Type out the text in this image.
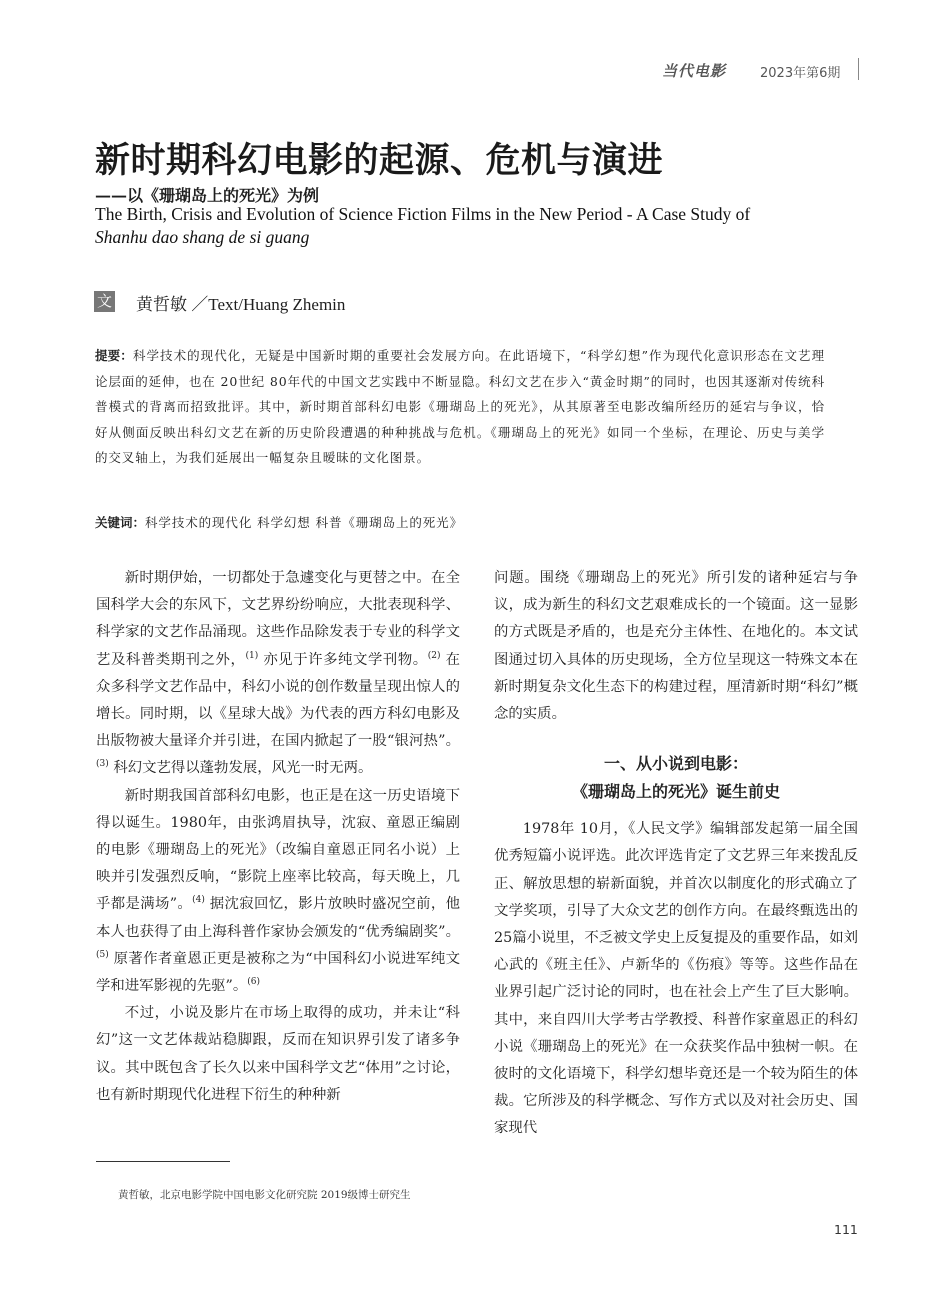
当代电影	2023年第6期
新时期科幻电影的起源、危机与演进
——以《珊瑚岛上的死光》为例
The Birth, Crisis and Evolution of Science Fiction Films in the New Period - A Case Study of
Shanhu dao shang de si guang
文 黄哲敏 ／Text/Huang Zhemin
提要：科学技术的现代化，无疑是中国新时期的重要社会发展方向。在此语境下，“科学幻想”作为现代化意识形态在文艺理论层面的延伸，也在 20世纪 80年代的中国文艺实践中不断显隐。科幻文艺在步入“黄金时期”的同时，也因其逐渐对传统科普模式的背离而招致批评。其中，新时期首部科幻电影《珊瑚岛上的死光》，从其原著至电影改编所经历的延宕与争议，恰好从侧面反映出科幻文艺在新的历史阶段遭遇的种种挑战与危机。《珊瑚岛上的死光》如同一个坐标，在理论、历史与美学的交叉轴上，为我们延展出一幅复杂且暧昧的文化图景。
关键词：科学技术的现代化 科学幻想 科普《珊瑚岛上的死光》

新时期伊始，一切都处于急遽变化与更替之中。在全国科学大会的东风下，文艺界纷纷响应，大批表现科学、科学家的文艺作品涌现。这些作品除发表于专业的科学文艺及科普类期刊之外，$^{(1)}$ 亦见于许多纯文学刊物。$^{(2)}$ 在众多科学文艺作品中，科幻小说的创作数量呈现出惊人的增长。同时期，以《星球大战》为代表的西方科幻电影及出版物被大量译介并引进，在国内掀起了一股“银河热”。$^{(3)}$ 科幻文艺得以蓬勃发展，风光一时无两。

新时期我国首部科幻电影，也正是在这一历史语境下得以诞生。1980年，由张鸿眉执导，沈寂、童恩正编剧的电影《珊瑚岛上的死光》（改编自童恩正同名小说）上映并引发强烈反响，“影院上座率比较高，每天晚上，几乎都是满场”。$^{(4)}$ 据沈寂回忆，影片放映时盛况空前，他本人也获得了由上海科普作家协会颁发的“优秀编剧奖”。$^{(5)}$ 原著作者童恩正更是被称之为“中国科幻小说进军纯文学和进军影视的先驱”。$^{(6)}$

不过，小说及影片在市场上取得的成功，并未让“科幻”这一文艺体裁站稳脚跟，反而在知识界引发了诸多争议。其中既包含了长久以来中国科学文艺“体用”之讨论，也有新时期现代化进程下衍生的种种新

问题。围绕《珊瑚岛上的死光》所引发的诸种延宕与争议，成为新生的科幻文艺艰难成长的一个镜面。这一显影的方式既是矛盾的，也是充分主体性、在地化的。本文试图通过切入具体的历史现场，全方位呈现这一特殊文本在新时期复杂文化生态下的构建过程，厘清新时期“科幻”概念的实质。

一、从小说到电影：
《珊瑚岛上的死光》诞生前史

1978年 10月，《人民文学》编辑部发起第一届全国优秀短篇小说评选。此次评选肯定了文艺界三年来拨乱反正、解放思想的崭新面貌，并首次以制度化的形式确立了文学奖项，引导了大众文艺的创作方向。在最终甄选出的 25篇小说里，不乏被文学史上反复提及的重要作品，如刘心武的《班主任》、卢新华的《伤痕》等等。这些作品在业界引起广泛讨论的同时，也在社会上产生了巨大影响。其中，来自四川大学考古学教授、科普作家童恩正的科幻小说《珊瑚岛上的死光》在一众获奖作品中独树一帜。在彼时的文化语境下，科学幻想毕竟还是一个较为陌生的体裁。它所涉及的科学概念、写作方式以及对社会历史、国家现代

黄哲敏，北京电影学院中国电影文化研究院 2019级博士研究生
111
